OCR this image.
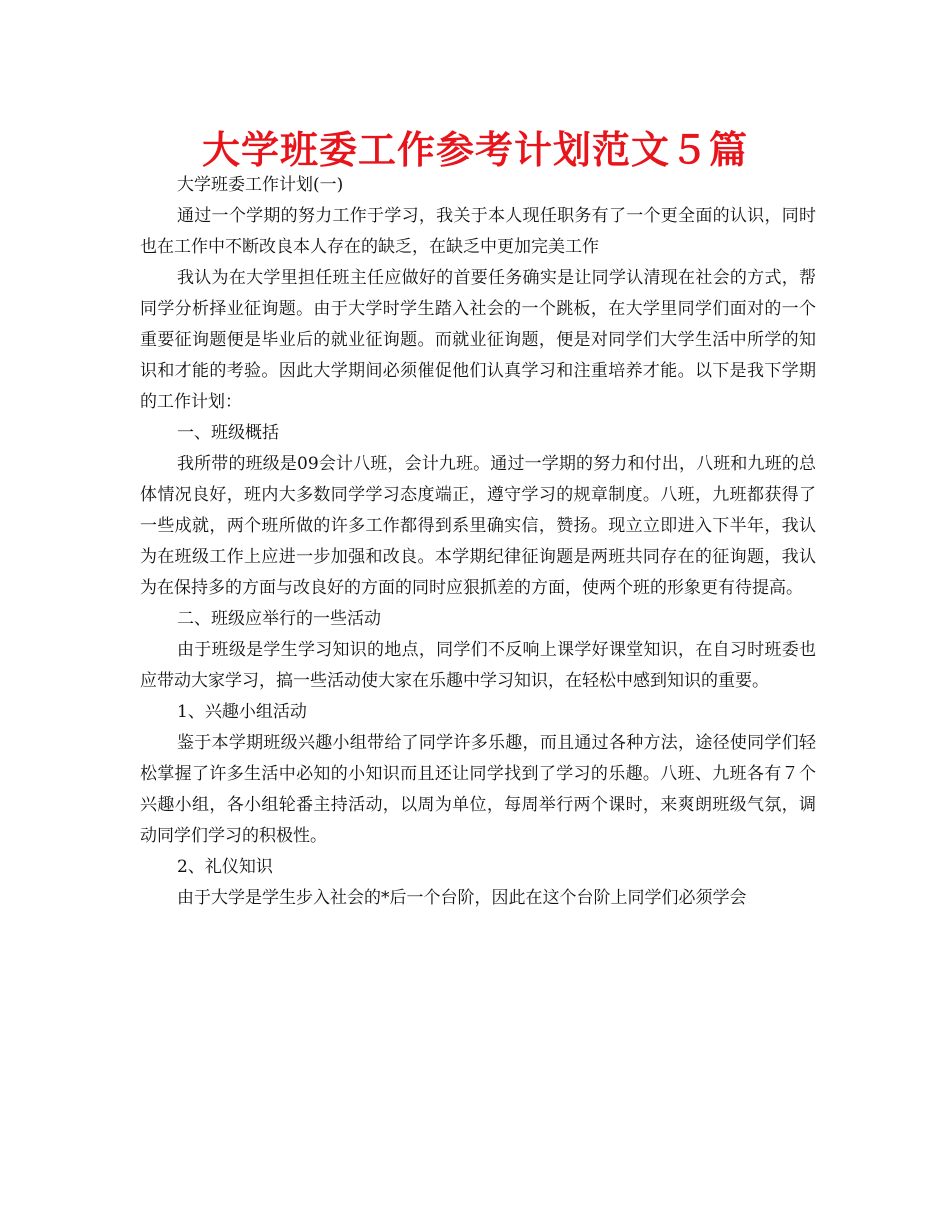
大学班委工作参考计划范文５篇

大学班委工作计划(一)

通过一个学期的努力工作于学习，我关于本人现任职务有了一个更全面的认识，同时也在工作中不断改良本人存在的缺乏，在缺乏中更加完美工作

我认为在大学里担任班主任应做好的首要任务确实是让同学认清现在社会的方式，帮同学分析择业征询题。由于大学时学生踏入社会的一个跳板，在大学里同学们面对的一个重要征询题便是毕业后的就业征询题。而就业征询题，便是对同学们大学生活中所学的知识和才能的考验。因此大学期间必须催促他们认真学习和注重培养才能。以下是我下学期的工作计划：

一、班级概括

我所带的班级是09会计八班，会计九班。通过一学期的努力和付出，八班和九班的总体情况良好，班内大多数同学学习态度端正，遵守学习的规章制度。八班，九班都获得了一些成就，两个班所做的许多工作都得到系里确实信，赞扬。现立立即进入下半年，我认为在班级工作上应进一步加强和改良。本学期纪律征询题是两班共同存在的征询题，我认为在保持多的方面与改良好的方面的同时应狠抓差的方面，使两个班的形象更有待提高。

二、班级应举行的一些活动

由于班级是学生学习知识的地点，同学们不反响上课学好课堂知识，在自习时班委也应带动大家学习，搞一些活动使大家在乐趣中学习知识，在轻松中感到知识的重要。

1、兴趣小组活动

鉴于本学期班级兴趣小组带给了同学许多乐趣，而且通过各种方法，途径使同学们轻松掌握了许多生活中必知的小知识而且还让同学找到了学习的乐趣。八班、九班各有７个兴趣小组，各小组轮番主持活动，以周为单位，每周举行两个课时，来爽朗班级气氛，调动同学们学习的积极性。

2、礼仪知识

由于大学是学生步入社会的*后一个台阶，因此在这个台阶上同学们必须学会
